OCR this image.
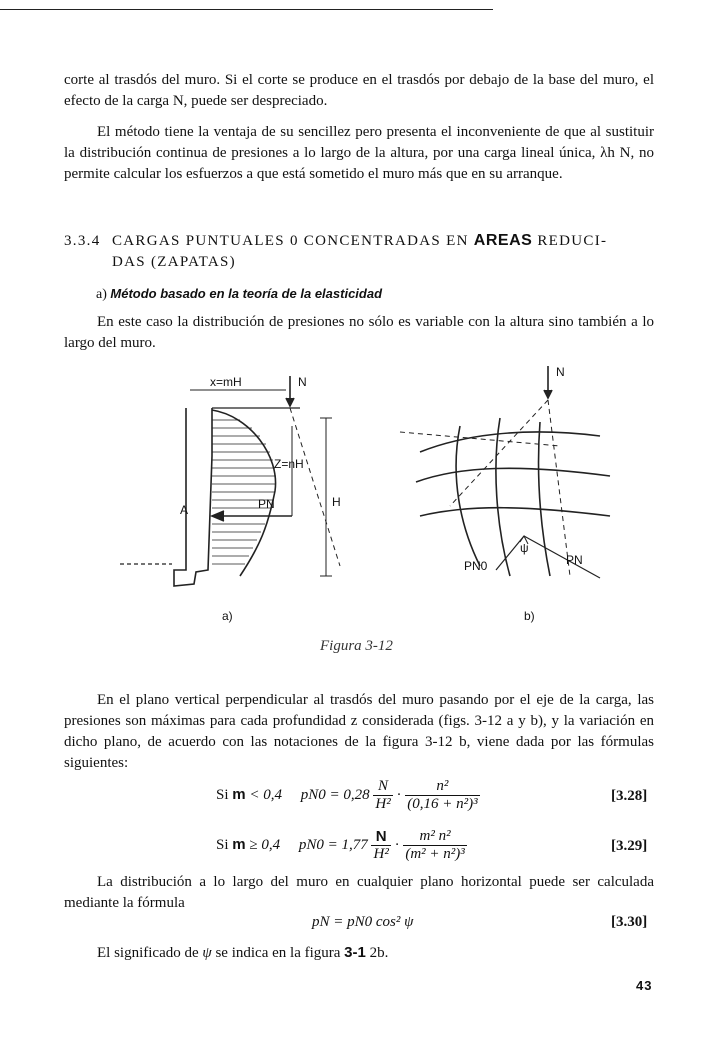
corte al trasdós del muro. Si el corte se produce en el trasdós por debajo de la base del muro, el efecto de la carga N, puede ser despreciado.

El método tiene la ventaja de su sencillez pero presenta el inconveniente de que al sustituir la distribución continua de presiones a lo largo de la altura, por una carga lineal única, λh N, no permite calcular los esfuerzos a que está sometido el muro más que en su arranque.

3.3.4 CARGAS PUNTUALES 0 CONCENTRADAS EN AREAS REDUCI-
DAS (ZAPATAS)
a) Método basado en la teoría de la elasticidad

En este caso la distribución de presiones no sólo es variable con la altura sino también a lo largo del muro.

x=mH	N
Z=nH
H
A	PN
a)
N
PN0	PN
ψ
b)
Figura 3-12

En el plano vertical perpendicular al trasdós del muro pasando por el eje de la carga, las presiones son máximas para cada profundidad z considerada (figs. 3-12 a y b), y la variación en dicho plano, de acuerdo con las notaciones de la figura 3-12 b, viene dada por las fórmulas siguientes:

Si m < 0,4 $pN0 = 0,28 \frac{N}{\text{H²}} \cdot \frac{\text{n²}}{\text{(0,16 + n²)³}}$	[3.28]
Si m ≥ 0,4 $pN0 = 1,77 \frac{N}{\text{H²}} \cdot \frac{\text{m² n²}}{\text{(m² + n²)³}}$	[3.29]

La distribución a lo largo del muro en cualquier plano horizontal puede ser calculada mediante la fórmula

pN = pN0 cos² ψ	[3.30]
El significado de ψ se indica en la figura 3-1 2b.
43
